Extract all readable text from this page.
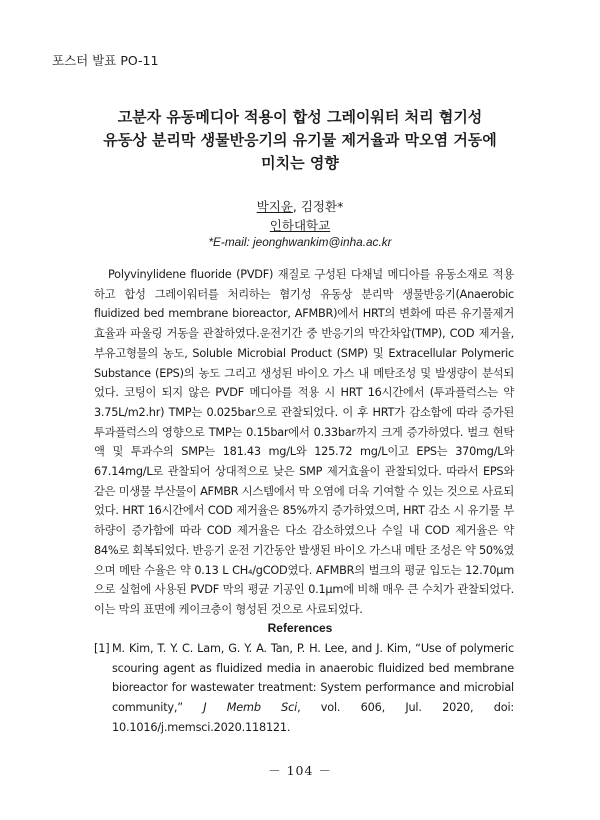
포스터 발표 PO-11
고분자 유동메디아 적용이 합성 그레이워터 처리 혐기성
유동상 분리막 생물반응기의 유기물 제거율과 막오염 거동에
미치는 영향
박지윤, 김정환*
인하대학교
*E-mail: jeonghwankim@inha.ac.kr

Polyvinylidene fluoride (PVDF) 재질로 구성된 다채널 메디아를 유동소재로 적용하고 합성 그레이워터를 처리하는 혐기성 유동상 분리막 생물반응기(Anaerobic fluidized bed membrane bioreactor, AFMBR)에서 HRT의 변화에 따른 유기물제거 효율과 파울링 거동을 관찰하였다.운전기간 중 반응기의 막간차압(TMP), COD 제거율, 부유고형물의 농도, Soluble Microbial Product (SMP) 및 Extracellular Polymeric Substance (EPS)의 농도 그리고 생성된 바이오 가스 내 메탄조성 및 발생량이 분석되었다. 코팅이 되지 않은 PVDF 메디아를 적용 시 HRT 16시간에서 (투과플럭스는 약 3.75L/m2.hr) TMP는 0.025bar으로 관찰되었다. 이 후 HRT가 감소함에 따라 증가된 투과플럭스의 영향으로 TMP는 0.15bar에서 0.33bar까지 크게 증가하였다. 벌크 현탁액 및 투과수의 SMP는 181.43 mg/L와 125.72 mg/L이고 EPS는 370mg/L와 67.14mg/L로 관찰되어 상대적으로 낮은 SMP 제거효율이 관찰되었다. 따라서 EPS와 같은 미생물 부산물이 AFMBR 시스템에서 막 오염에 더욱 기여할 수 있는 것으로 사료되었다. HRT 16시간에서 COD 제거율은 85%까지 증가하였으며, HRT 감소 시 유기물 부하량이 증가함에 따라 COD 제거율은 다소 감소하였으나 수일 내 COD 제거율은 약 84%로 회복되었다. 반응기 운전 기간동안 발생된 바이오 가스내 메탄 조성은 약 50%였으며 메탄 수율은 약 0.13 L CH₄/gCOD였다. AFMBR의 벌크의 평균 입도는 12.70μm으로 실험에 사용된 PVDF 막의 평균 기공인 0.1μm에 비해 매우 큰 수치가 관찰되었다. 이는 막의 표면에 케이크층이 형성된 것으로 사료되었다.

References
[1] M. Kim, T. Y. C. Lam, G. Y. A. Tan, P. H. Lee, and J. Kim, “Use of polymeric scouring agent as fluidized media in anaerobic fluidized bed membrane bioreactor for wastewater treatment: System performance and microbial community,” J Memb Sci, vol. 606, Jul. 2020, doi: 10.1016/j.memsci.2020.118121.
－ 104 －
